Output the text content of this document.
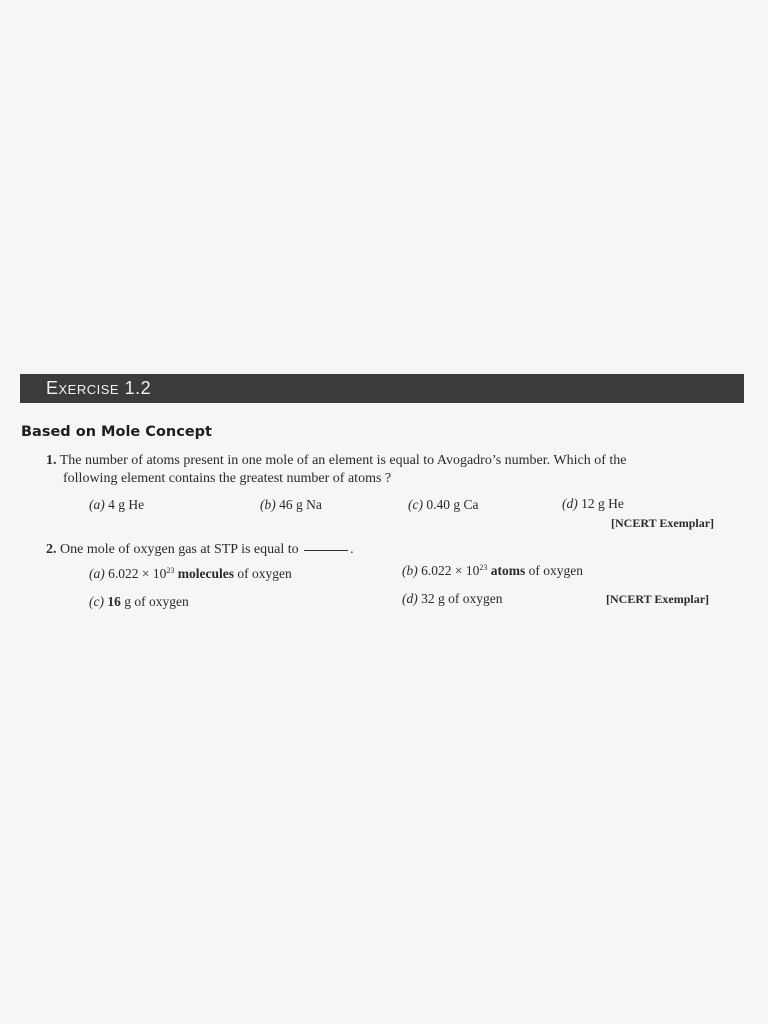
Exercise 1.2
Based on Mole Concept
1. The number of atoms present in one mole of an element is equal to Avogadro’s number. Which of the
following element contains the greatest number of atoms ?
(a) 4 g He	(b) 46 g Na	(c) 0.40 g Ca	(d) 12 g He
[NCERT Exemplar]
2. One mole of oxygen gas at STP is equal to	.
(a) $6.022 \times 10^{23}$ molecules of oxygen	(b) $6.022 \times 10^{23}$ atoms of oxygen
(c) 16 g of oxygen	(d) 32 g of oxygen	[NCERT Exemplar]
